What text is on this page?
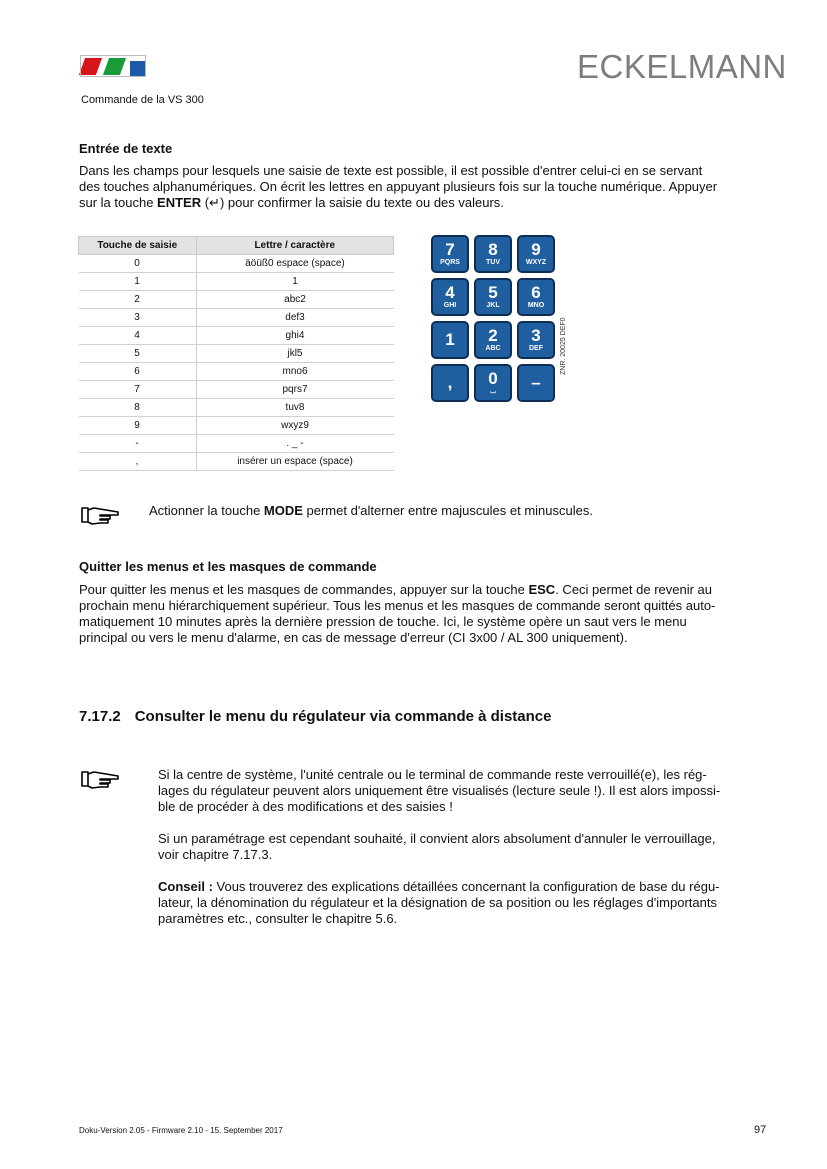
ECKELMANN
Commande de la VS 300
Entrée de texte

Dans les champs pour lesquels une saisie de texte est possible, il est possible d'entrer celui-ci en se servant

des touches alphanumériques. On écrit les lettres en appuyant plusieurs fois sur la touche numérique. Appuyer

sur la touche ENTER (↵) pour confirmer la saisie du texte ou des valeurs.

Touche de saisie	Lettre / caractère
0	äöüß0 espace (space)
1	1
2	abc2
3	def3
4	ghi4
5	jkl5
6	mno6
7	pqrs7
8	tuv8
9	wxyz9
-	. _ -
,	insérer un espace (space)
7
PQRS
8
TUV
9
WXYZ
4
GHI
5
JKL
6
MNO
1	2
ABC
3
DEF
,	0
⌴	–
ZNR. 20025 DEF0
Actionner la touche MODE permet d'alterner entre majuscules et minuscules.
Quitter les menus et les masques de commande

Pour quitter les menus et les masques de commandes, appuyer sur la touche ESC. Ceci permet de revenir au

prochain menu hiérarchiquement supérieur. Tous les menus et les masques de commande seront quittés auto-

matiquement 10 minutes après la dernière pression de touche. Ici, le système opère un saut vers le menu

principal ou vers le menu d'alarme, en cas de message d'erreur (CI 3x00 / AL 300 uniquement).

7.17.2 Consulter le menu du régulateur via commande à distance

Si la centre de système, l'unité centrale ou le terminal de commande reste verrouillé(e), les rég-

lages du régulateur peuvent alors uniquement être visualisés (lecture seule !). Il est alors impossi-

ble de procéder à des modifications et des saisies !

Si un paramétrage est cependant souhaité, il convient alors absolument d'annuler le verrouillage,

voir chapitre 7.17.3.

Conseil : Vous trouverez des explications détaillées concernant la configuration de base du régu-

lateur, la dénomination du régulateur et la désignation de sa position ou les réglages d'importants

paramètres etc., consulter le chapitre 5.6.

Doku-Version 2.05 - Firmware 2.10 - 15. September 2017	97
